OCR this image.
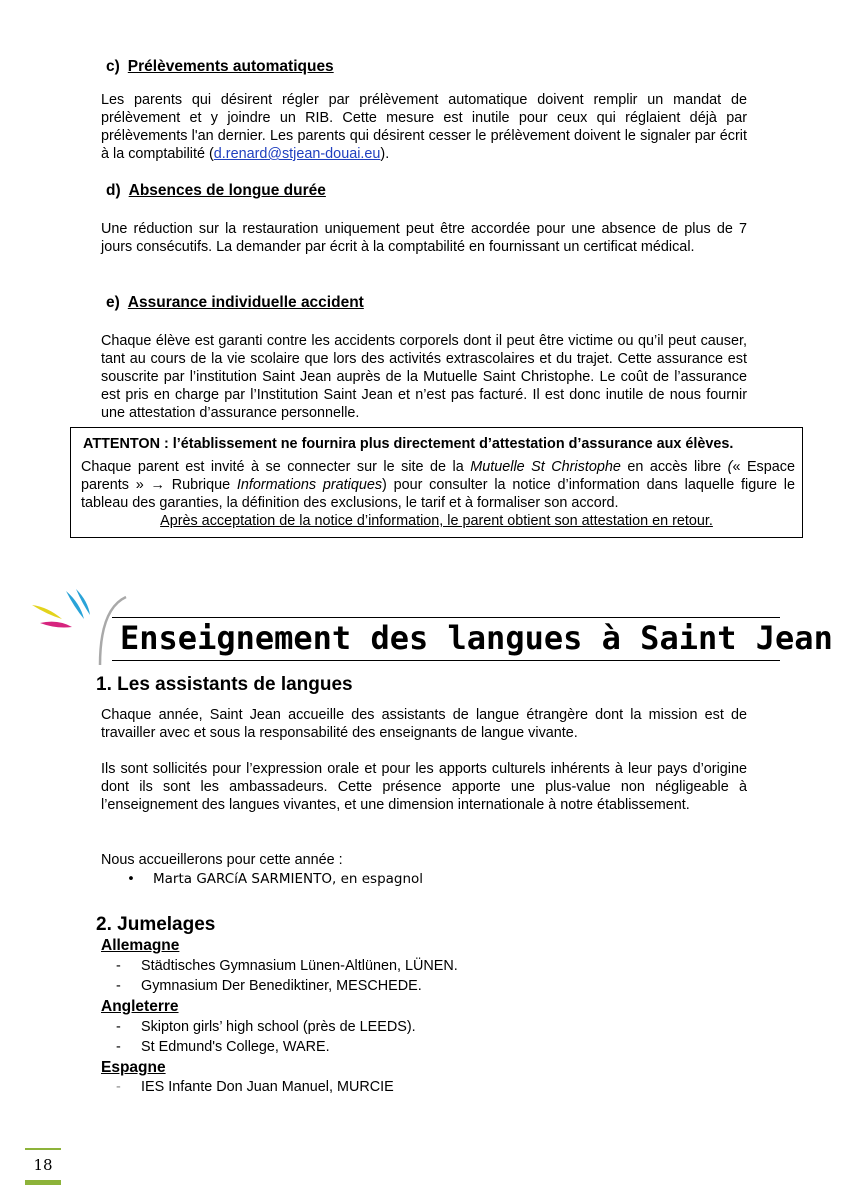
c) Prélèvements automatiques
Les parents qui désirent régler par prélèvement automatique doivent remplir un mandat de prélèvement et y joindre un RIB. Cette mesure est inutile pour ceux qui réglaient déjà par prélèvements l'an dernier. Les parents qui désirent cesser le prélèvement doivent le signaler par écrit à la comptabilité (d.renard@stjean-douai.eu).
d) Absences de longue durée
Une réduction sur la restauration uniquement peut être accordée pour une absence de plus de 7 jours consécutifs. La demander par écrit à la comptabilité en fournissant un certificat médical.
e) Assurance individuelle accident
Chaque élève est garanti contre les accidents corporels dont il peut être victime ou qu’il peut causer, tant au cours de la vie scolaire que lors des activités extrascolaires et du trajet. Cette assurance est souscrite par l’institution Saint Jean auprès de la Mutuelle Saint Christophe. Le coût de l’assurance est pris en charge par l’Institution Saint Jean et n’est pas facturé. Il est donc inutile de nous fournir une attestation d’assurance personnelle.
ATTENTON : l’établissement ne fournira plus directement d’attestation d’assurance aux élèves.
Chaque parent est invité à se connecter sur le site de la Mutuelle St Christophe en accès libre (« Espace parents » → Rubrique Informations pratiques) pour consulter la notice d’information dans laquelle figure le tableau des garanties, la définition des exclusions, le tarif et à formaliser son accord.
Après acceptation de la notice d’information, le parent obtient son attestation en retour.
Enseignement des langues à Saint Jean
1. Les assistants de langues
Chaque année, Saint Jean accueille des assistants de langue étrangère dont la mission est de travailler avec et sous la responsabilité des enseignants de langue vivante.
Ils sont sollicités pour l’expression orale et pour les apports culturels inhérents à leur pays d’origine dont ils sont les ambassadeurs. Cette présence apporte une plus-value non négligeable à l’enseignement des langues vivantes, et une dimension internationale à notre établissement.
Nous accueillerons pour cette année :
• Marta GARCíA SARMIENTO, en espagnol
2. Jumelages
Allemagne
- Städtisches Gymnasium Lünen-Altlünen, LÜNEN.
- Gymnasium Der Benediktiner, MESCHEDE.
Angleterre
- Skipton girls’ high school (près de LEEDS).
- St Edmund's College, WARE.
Espagne
- IES Infante Don Juan Manuel, MURCIE
18
